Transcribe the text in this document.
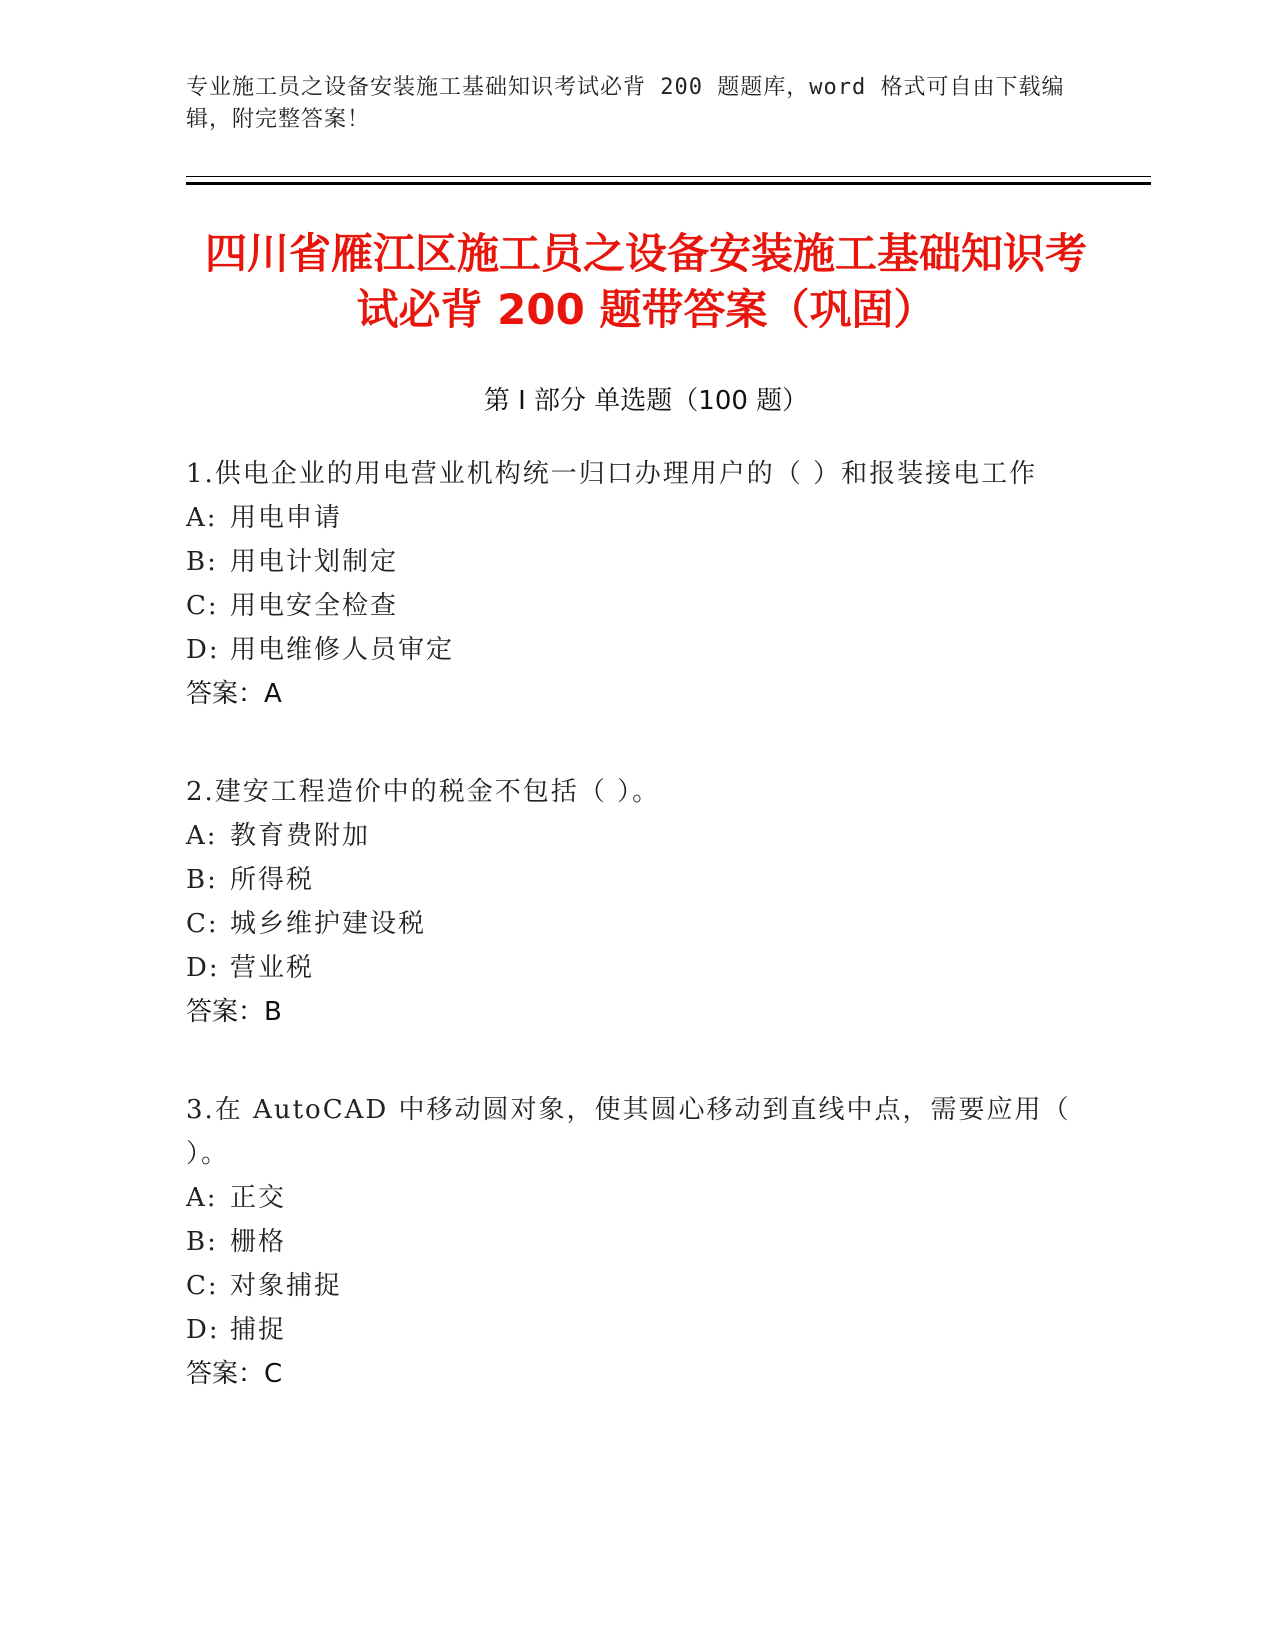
专业施工员之设备安装施工基础知识考试必背 200 题题库，word 格式可自由下载编辑，附完整答案！
四川省雁江区施工员之设备安装施工基础知识考试必背 200 题带答案（巩固）
第 I 部分 单选题（100 题）
1.供电企业的用电营业机构统一归口办理用户的（ ）和报装接电工作
A: 用电申请
B: 用电计划制定
C: 用电安全检查
D: 用电维修人员审定
答案：A
2.建安工程造价中的税金不包括（ ）。
A: 教育费附加
B: 所得税
C: 城乡维护建设税
D: 营业税
答案：B
3.在 AutoCAD 中移动圆对象，使其圆心移动到直线中点，需要应用（ ）。
A: 正交
B: 栅格
C: 对象捕捉
D: 捕捉
答案：C
